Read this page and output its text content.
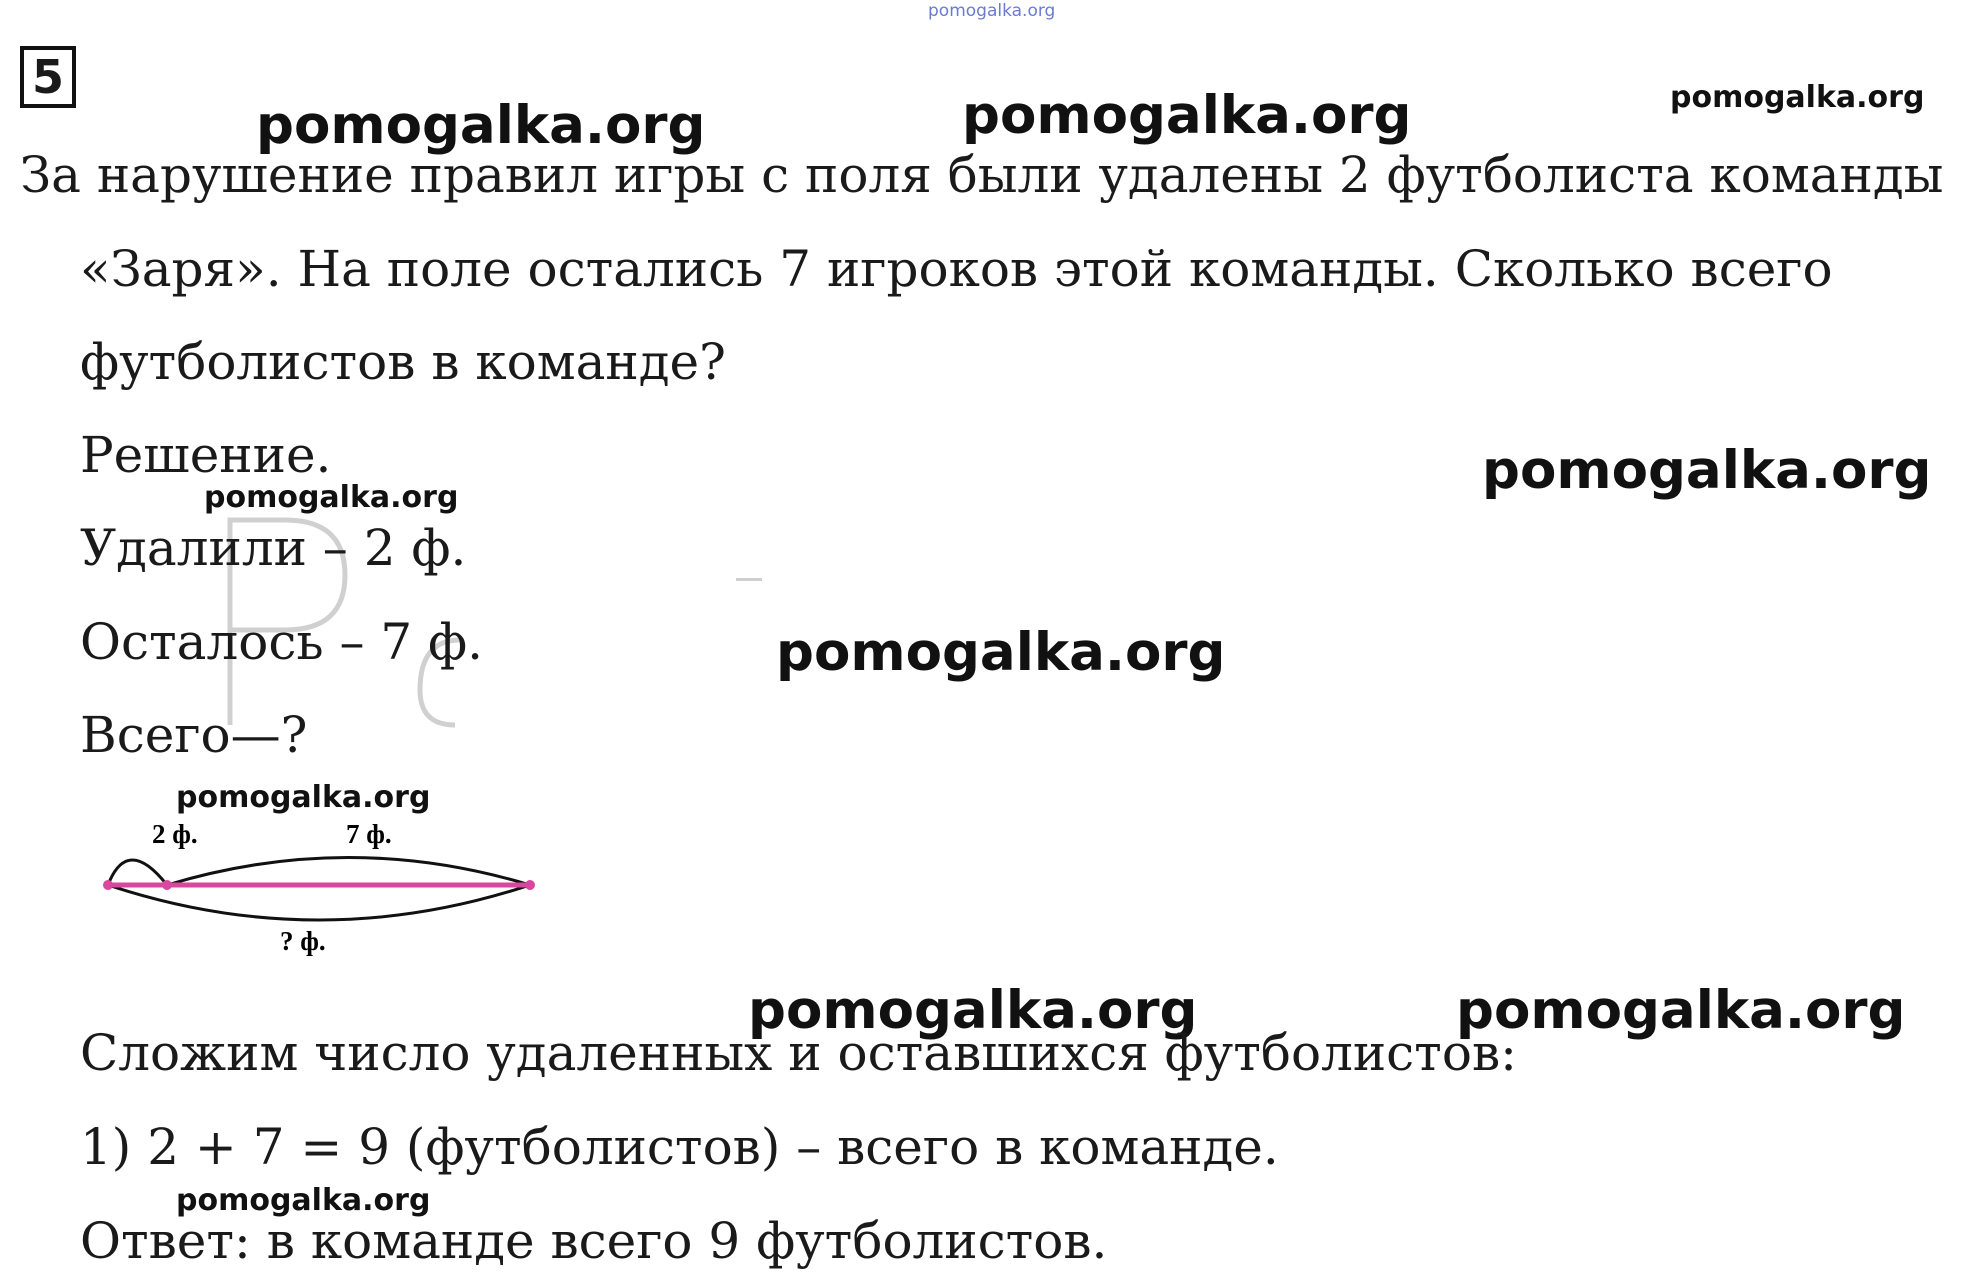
pomogalka.org
pomogalka.org	pomogalka.org	pomogalka.org
pomogalka.org
pomogalka.org
pomogalka.org
pomogalka.org
pomogalka.org	pomogalka.org
pomogalka.org
5
За нарушение правил игры с поля были удалены 2 футболиста команды
«Заря». На поле остались 7 игроков этой команды. Сколько всего
футболистов в команде?
Решение.
Удалили – 2 ф.
Осталось – 7 ф.
Всего—?
2 ф.	7 ф.
? ф.
Сложим число удаленных и оставшихся футболистов:
1) 2 + 7 = 9 (футболистов) – всего в команде.
Ответ: в команде всего 9 футболистов.
